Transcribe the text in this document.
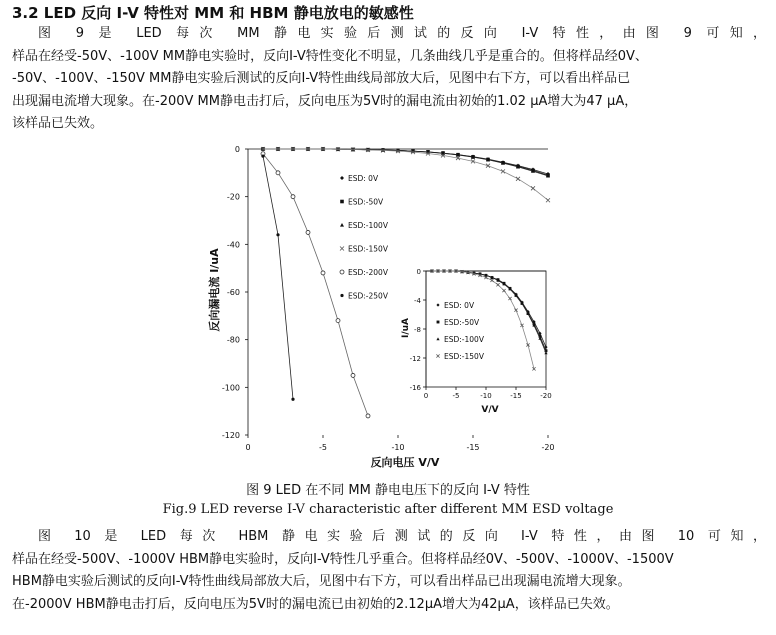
3.2 LED 反向 I-V 特性对 MM 和 HBM 静电放电的敏感性
图 9 是 LED 每次 MM 静电实验后测试的反向 I-V 特性，由图 9 可知，
样品在经受-50V、-100V MM静电实验时，反向I-V特性变化不明显，几条曲线几乎是重合的。但将样品经0V、
-50V、-100V、-150V MM静电实验后测试的反向I-V特性曲线局部放大后，见图中右下方，可以看出样品已
出现漏电流增大现象。在-200V MM静电击打后，反向电压为5V时的漏电流由初始的1.02 μA增大为47 μA，
该样品已失效。
0
-20
-40
-60
-80
-100
-120
0	-5	-10	-15	-20
ESD: 0V
ESD:-50V
ESD:-100V
ESD:-150V
ESD:-200V
ESD:-250V
反向电压 V/V
反向漏电流 I/uA	0
-4
-8
-12
-16
0	-5	-10	-15	-20
ESD: 0V
ESD:-50V
ESD:-100V
ESD:-150V
V/V
I/uA
图 9 LED 在不同 MM 静电电压下的反向 I-V 特性
Fig.9 LED reverse I-V characteristic after different MM ESD voltage
图 10 是 LED 每次 HBM 静电实验后测试的反向 I-V 特性，由图 10 可知，
样品在经受-500V、-1000V HBM静电实验时，反向I-V特性几乎重合。但将样品经0V、-500V、-1000V、-1500V
HBM静电实验后测试的反向I-V特性曲线局部放大后，见图中右下方，可以看出样品已出现漏电流增大现象。
在-2000V HBM静电击打后，反向电压为5V时的漏电流已由初始的2.12μA增大为42μA，该样品已失效。
